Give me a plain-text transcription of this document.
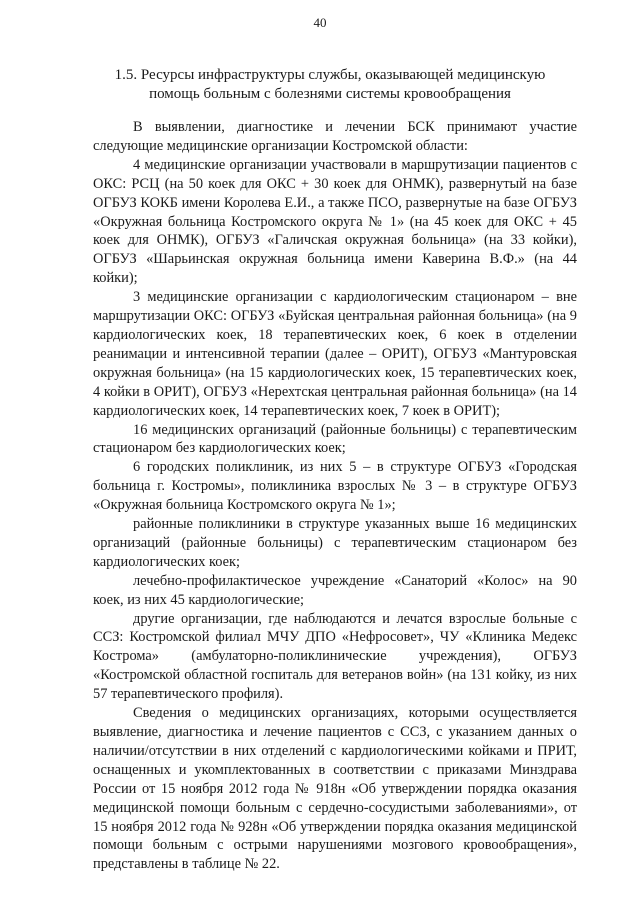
40
1.5. Ресурсы инфраструктуры службы, оказывающей медицинскую
помощь больным с болезнями системы кровообращения

В выявлении, диагностике и лечении БСК принимают участие следующие медицинские организации Костромской области:

4 медицинские организации участвовали в маршрутизации пациентов с ОКС: РСЦ (на 50 коек для ОКС + 30 коек для ОНМК), развернутый на базе ОГБУЗ КОКБ имени Королева Е.И., а также ПСО, развернутые на базе ОГБУЗ «Окружная больница Костромского округа № 1» (на 45 коек для ОКС + 45 коек для ОНМК), ОГБУЗ «Галичская окружная больница» (на 33 койки), ОГБУЗ «Шарьинская окружная больница имени Каверина В.Ф.» (на 44 койки);

3 медицинские организации с кардиологическим стационаром – вне маршрутизации ОКС: ОГБУЗ «Буйская центральная районная больница» (на 9 кардиологических коек, 18 терапевтических коек, 6 коек в отделении реанимации и интенсивной терапии (далее – ОРИТ), ОГБУЗ «Мантуровская окружная больница» (на 15 кардиологических коек, 15 терапевтических коек, 4 койки в ОРИТ), ОГБУЗ «Нерехтская центральная районная больница» (на 14 кардиологических коек, 14 терапевтических коек, 7 коек в ОРИТ);

16 медицинских организаций (районные больницы) с терапевтическим стационаром без кардиологических коек;

6 городских поликлиник, из них 5 – в структуре ОГБУЗ «Городская больница г. Костромы», поликлиника взрослых № 3 – в структуре ОГБУЗ «Окружная больница Костромского округа № 1»;

районные поликлиники в структуре указанных выше 16 медицинских организаций (районные больницы) с терапевтическим стационаром без кардиологических коек;

лечебно-профилактическое учреждение «Санаторий «Колос» на 90 коек, из них 45 кардиологические;

другие организации, где наблюдаются и лечатся взрослые больные с ССЗ: Костромской филиал МЧУ ДПО «Нефросовет», ЧУ «Клиника Медекс Кострома» (амбулаторно-поликлинические учреждения), ОГБУЗ «Костромской областной госпиталь для ветеранов войн» (на 131 койку, из них 57 терапевтического профиля).

Сведения о медицинских организациях, которыми осуществляется выявление, диагностика и лечение пациентов с ССЗ, с указанием данных о наличии/отсутствии в них отделений с кардиологическими койками и ПРИТ, оснащенных и укомплектованных в соответствии с приказами Минздрава России от 15 ноября 2012 года № 918н «Об утверждении порядка оказания медицинской помощи больным с сердечно-сосудистыми заболеваниями», от 15 ноября 2012 года № 928н «Об утверждении порядка оказания медицинской помощи больным с острыми нарушениями мозгового кровообращения», представлены в таблице № 22.
